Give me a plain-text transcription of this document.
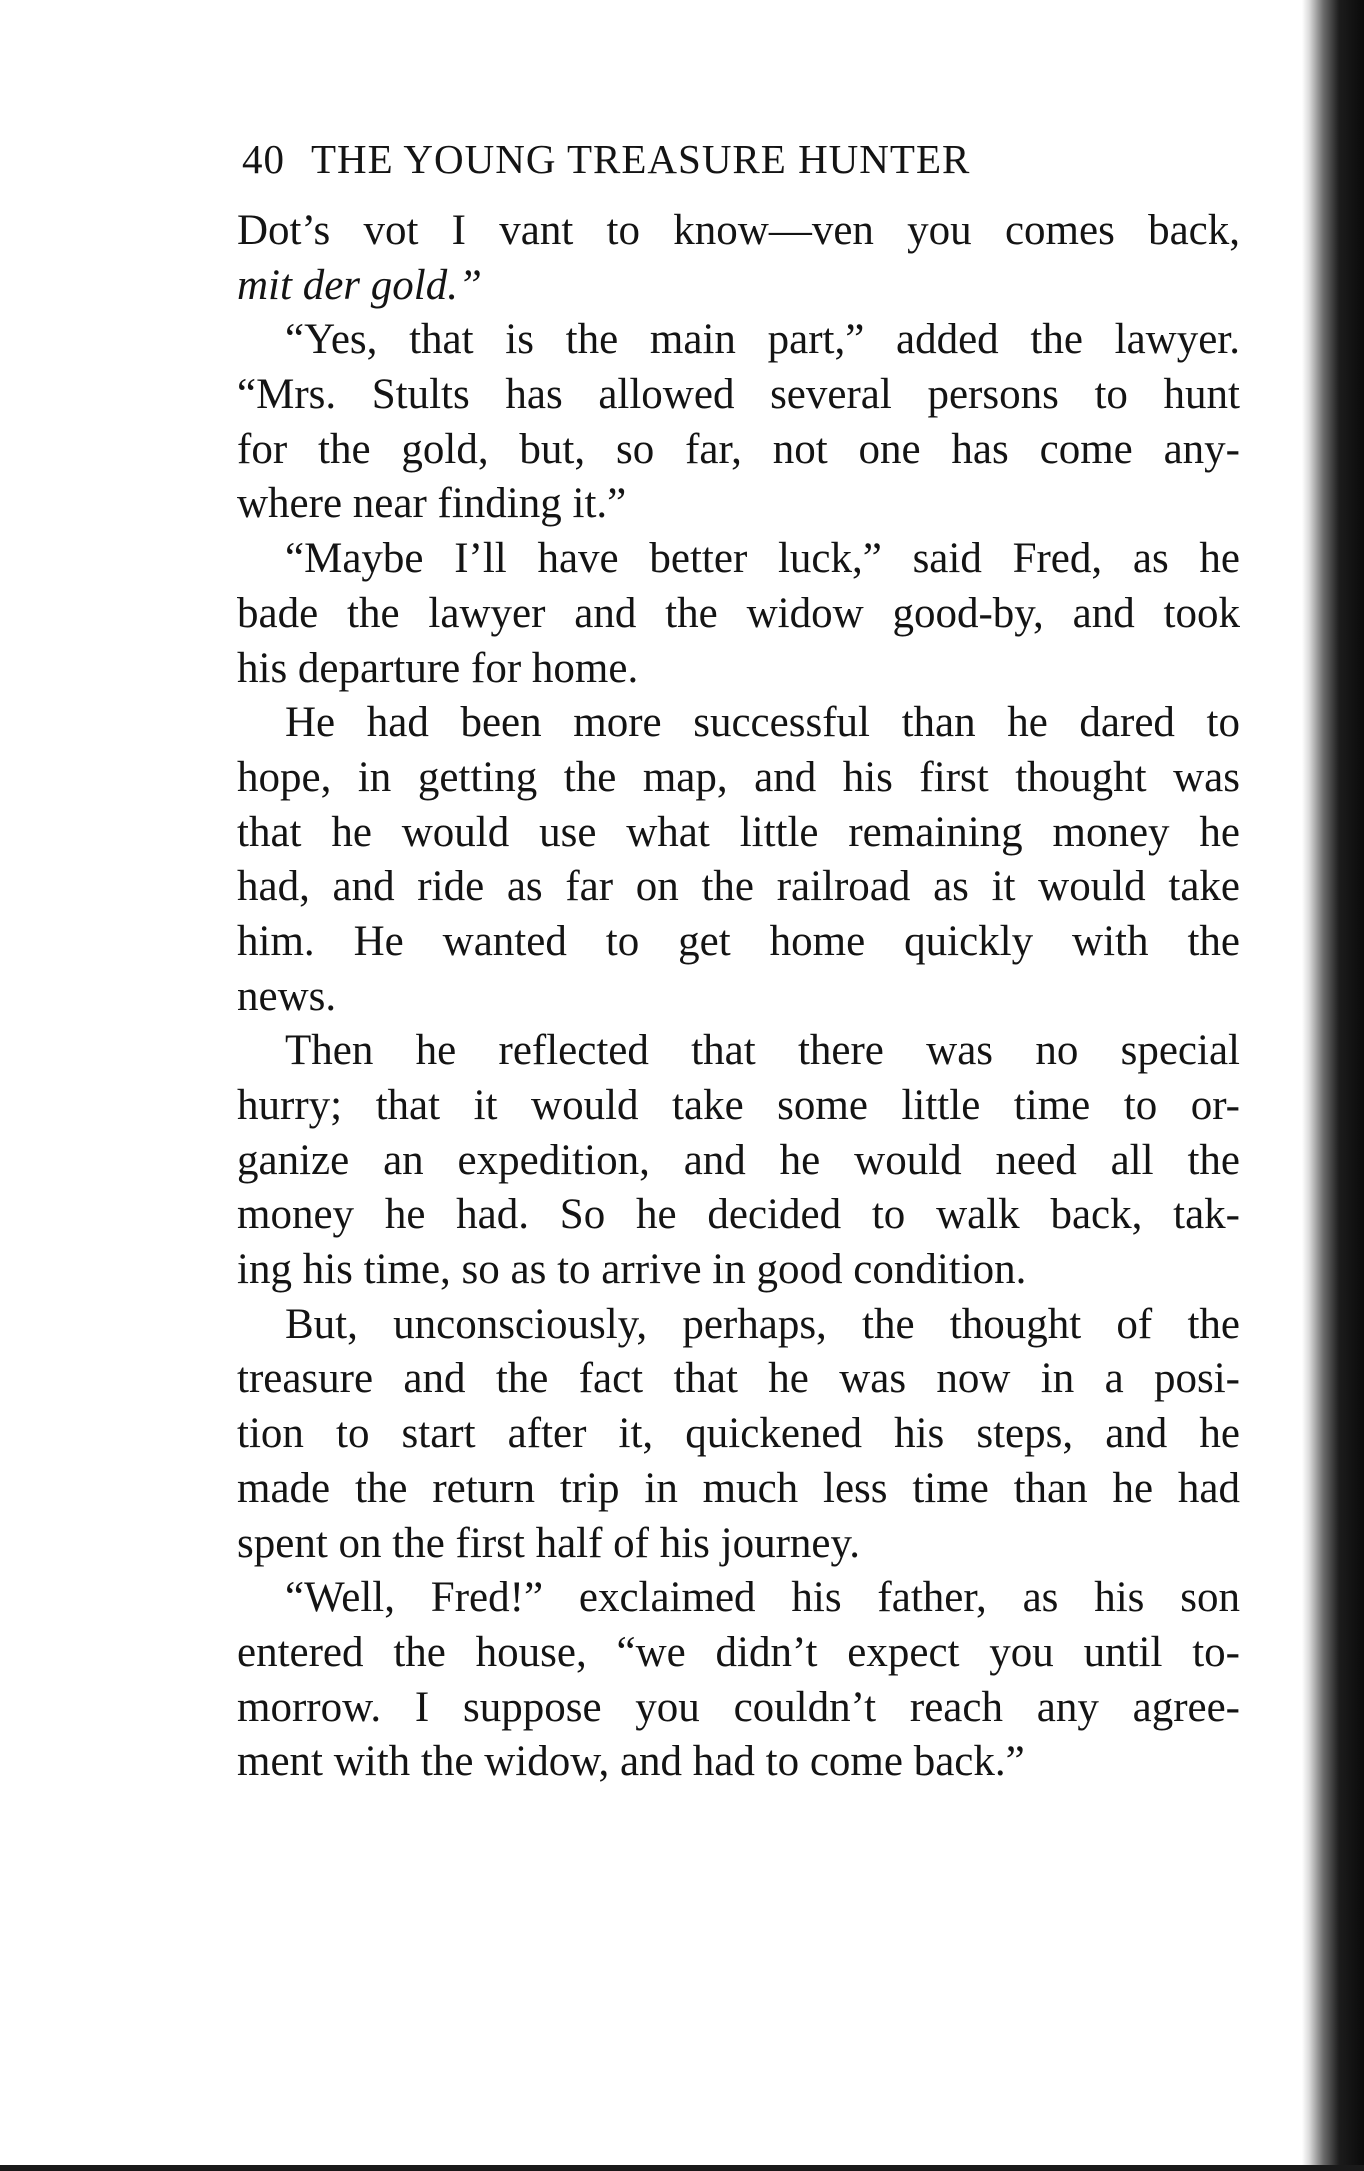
40 THE YOUNG TREASURE HUNTER
Dot’s vot I vant to know—ven you comes back,
mit der gold.”
“Yes, that is the main part,” added the lawyer.
“Mrs. Stults has allowed several persons to hunt
for the gold, but, so far, not one has come any-
where near finding it.”
“Maybe I’ll have better luck,” said Fred, as he
bade the lawyer and the widow good-by, and took
his departure for home.
He had been more successful than he dared to
hope, in getting the map, and his first thought was
that he would use what little remaining money he
had, and ride as far on the railroad as it would take
him. He wanted to get home quickly with the
news.
Then he reflected that there was no special
hurry; that it would take some little time to or-
ganize an expedition, and he would need all the
money he had. So he decided to walk back, tak-
ing his time, so as to arrive in good condition.
But, unconsciously, perhaps, the thought of the
treasure and the fact that he was now in a posi-
tion to start after it, quickened his steps, and he
made the return trip in much less time than he had
spent on the first half of his journey.
“Well, Fred!” exclaimed his father, as his son
entered the house, “we didn’t expect you until to-
morrow. I suppose you couldn’t reach any agree-
ment with the widow, and had to come back.”
